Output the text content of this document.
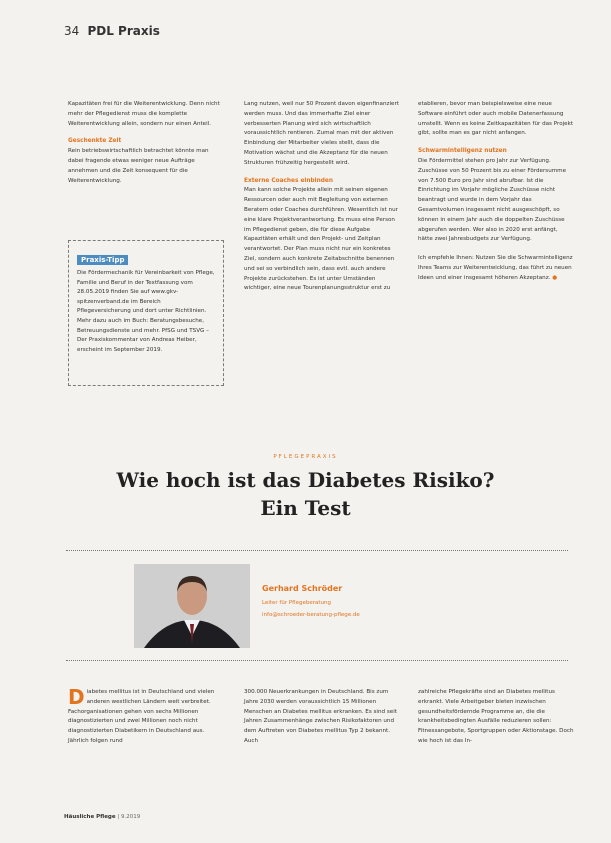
34 PDL Praxis

Kapazitäten frei für die Weiterentwicklung. Denn nicht mehr der Pflegedienst muss die komplette Weiterentwicklung allein, sondern nur einen Anteil.

Geschenkte Zeit

Rein betriebswirtschaftlich betrachtet könnte man dabei fragende etwas weniger neue Aufträge annehmen und die Zeit konsequent für die Weiterentwicklung.

Praxis-Tipp
Die Fördermechanik für Vereinbarkeit von Pflege, Familie und Beruf in der Textfassung vom 28.05.2019 finden Sie auf www.gkv-spitzenverband.de im Bereich Pflegeversicherung und dort unter Richtlinien. Mehr dazu auch im Buch: Beratungsbesuche, Betreuungsdienste und mehr. PfSG und TSVG – Der Praxiskommentar von Andreas Heiber, erscheint im September 2019.

Lang nutzen, weil nur 50 Prozent davon eigenfinanziert werden muss. Und das immerhafte Ziel einer verbesserten Planung wird sich wirtschaftlich voraussichtlich rentieren. Zumal man mit der aktiven Einbindung der Mitarbeiter vieles stellt, dass die Motivation wächst und die Akzeptanz für die neuen Strukturen frühzeitig hergestellt wird.

Externe Coaches einbinden

Man kann solche Projekte allein mit seinen eigenen Ressourcen oder auch mit Begleitung von externen Beratern oder Coaches durchführen. Wesentlich ist nur eine klare Projektverantwortung. Es muss eine Person im Pflegedienst geben, die für diese Aufgabe Kapazitäten erhält und den Projekt- und Zeitplan verantwortet. Der Plan muss nicht nur ein konkretes Ziel, sondern auch konkrete Zeitabschnitte benennen und sei so verbindlich sein, dass evtl. auch andere Projekte zurückstehen. Es ist unter Umständen wichtiger, eine neue Tourenplanungsstruktur erst zu

etablieren, bevor man beispielsweise eine neue Software einführt oder auch mobile Datenerfassung umstellt. Wenn es keine Zeitkapazitäten für das Projekt gibt, sollte man es gar nicht anfangen.

Schwarmintelligenz nutzen

Die Fördermittel stehen pro Jahr zur Verfügung. Zuschüsse von 50 Prozent bis zu einer Fördersumme von 7.500 Euro pro Jahr sind abrufbar. Ist die Einrichtung im Vorjahr mögliche Zuschüsse nicht beantragt und wurde in dem Vorjahr das Gesamtvolumen insgesamt nicht ausgeschöpft, so können in einem Jahr auch die doppelten Zuschüsse abgerufen werden. Wer also in 2020 erst anfängt, hätte zwei Jahresbudgets zur Verfügung.

Ich empfehle Ihnen: Nutzen Sie die Schwarmintelligenz Ihres Teams zur Weiterentwicklung, das führt zu neuen Ideen und einer insgesamt höheren Akzeptanz. ●

PFLEGEPRAXIS
Wie hoch ist das Diabetes Risiko?
Ein Test
Gerhard Schröder
Leiter für Pflegeberatung
info@schroeder-beratung-pflege.de
Diabetes mellitus ist in Deutschland und vielen anderen westlichen Ländern weit verbreitet. Fachorganisationen gehen von sechs Millionen diagnostizierten und zwei Millionen noch nicht diagnostizierten Diabetikern in Deutschland aus. Jährlich folgen rund

300.000 Neuerkrankungen in Deutschland. Bis zum Jahre 2030 werden voraussichtlich 15 Millionen Menschen an Diabetes mellitus erkranken. Es sind seit Jahren Zusammenhänge zwischen Risikofaktoren und dem Auftreten von Diabetes mellitus Typ 2 bekannt. Auch

zahlreiche Pflegekräfte sind an Diabetes mellitus erkrankt. Viele Arbeitgeber bieten inzwischen gesundheitsfördernde Programme an, die die krankheitsbedingten Ausfälle reduzieren sollen: Fitnessangebote, Sportgruppen oder Aktionstage. Doch wie hoch ist das In-

Häusliche Pflege | 9.2019
